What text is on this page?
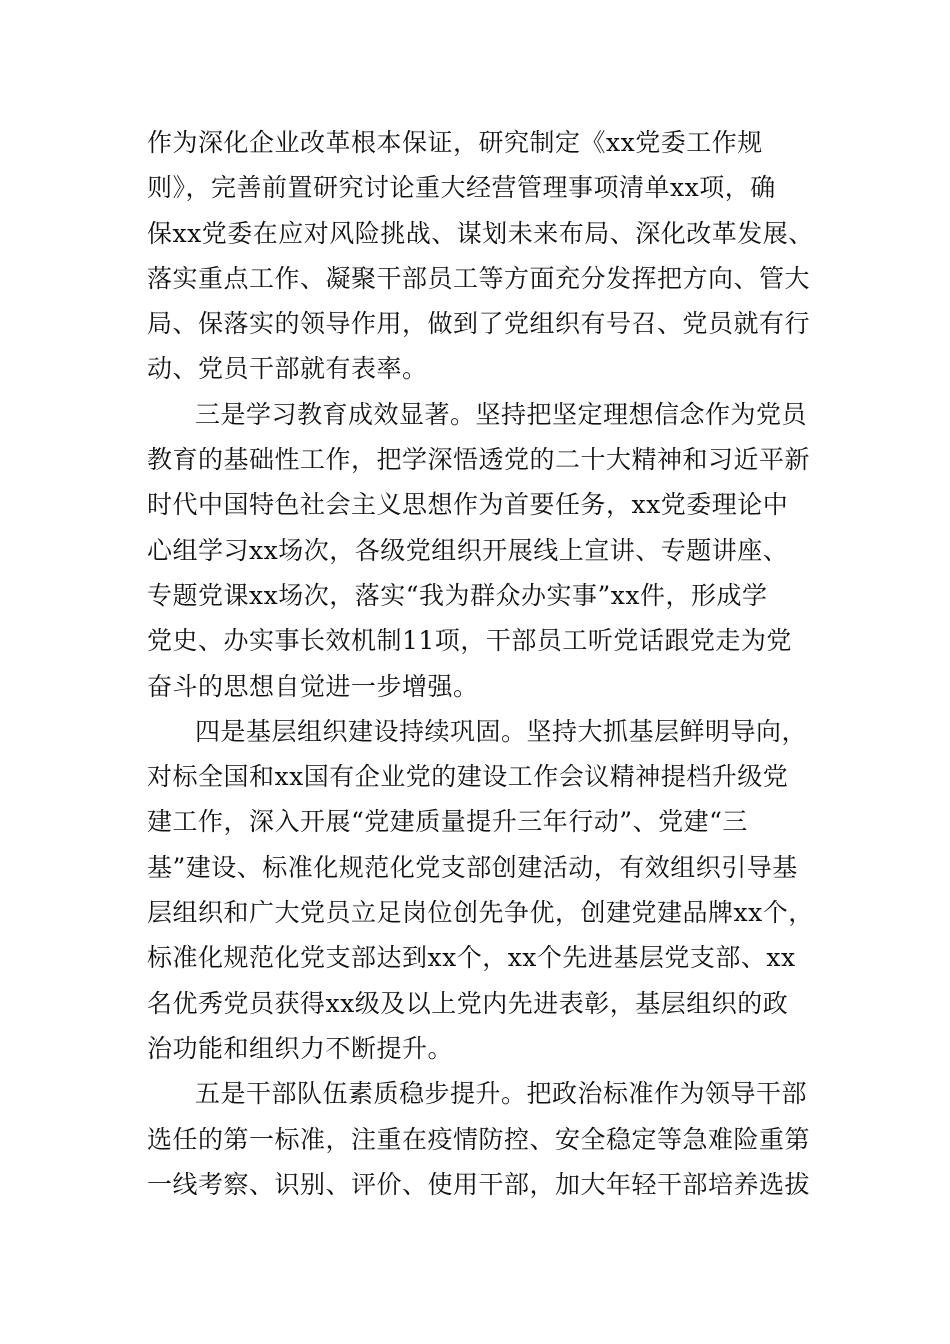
作为深化企业改革根本保证，研究制定《xx党委工作规
则》，完善前置研究讨论重大经营管理事项清单xx项，确
保xx党委在应对风险挑战、谋划未来布局、深化改革发展、
落实重点工作、凝聚干部员工等方面充分发挥把方向、管大
局、保落实的领导作用，做到了党组织有号召、党员就有行
动、党员干部就有表率。
三是学习教育成效显著。坚持把坚定理想信念作为党员
教育的基础性工作，把学深悟透党的二十大精神和习近平新
时代中国特色社会主义思想作为首要任务，xx党委理论中
心组学习xx场次，各级党组织开展线上宣讲、专题讲座、
专题党课xx场次，落实“我为群众办实事”xx件，形成学
党史、办实事长效机制11项，干部员工听党话跟党走为党
奋斗的思想自觉进一步增强。
四是基层组织建设持续巩固。坚持大抓基层鲜明导向，
对标全国和xx国有企业党的建设工作会议精神提档升级党
建工作，深入开展“党建质量提升三年行动”、党建“三
基”建设、标准化规范化党支部创建活动，有效组织引导基
层组织和广大党员立足岗位创先争优，创建党建品牌xx个，
标准化规范化党支部达到xx个，xx个先进基层党支部、xx
名优秀党员获得xx级及以上党内先进表彰，基层组织的政
治功能和组织力不断提升。
五是干部队伍素质稳步提升。把政治标准作为领导干部
选任的第一标准，注重在疫情防控、安全稳定等急难险重第
一线考察、识别、评价、使用干部，加大年轻干部培养选拔
